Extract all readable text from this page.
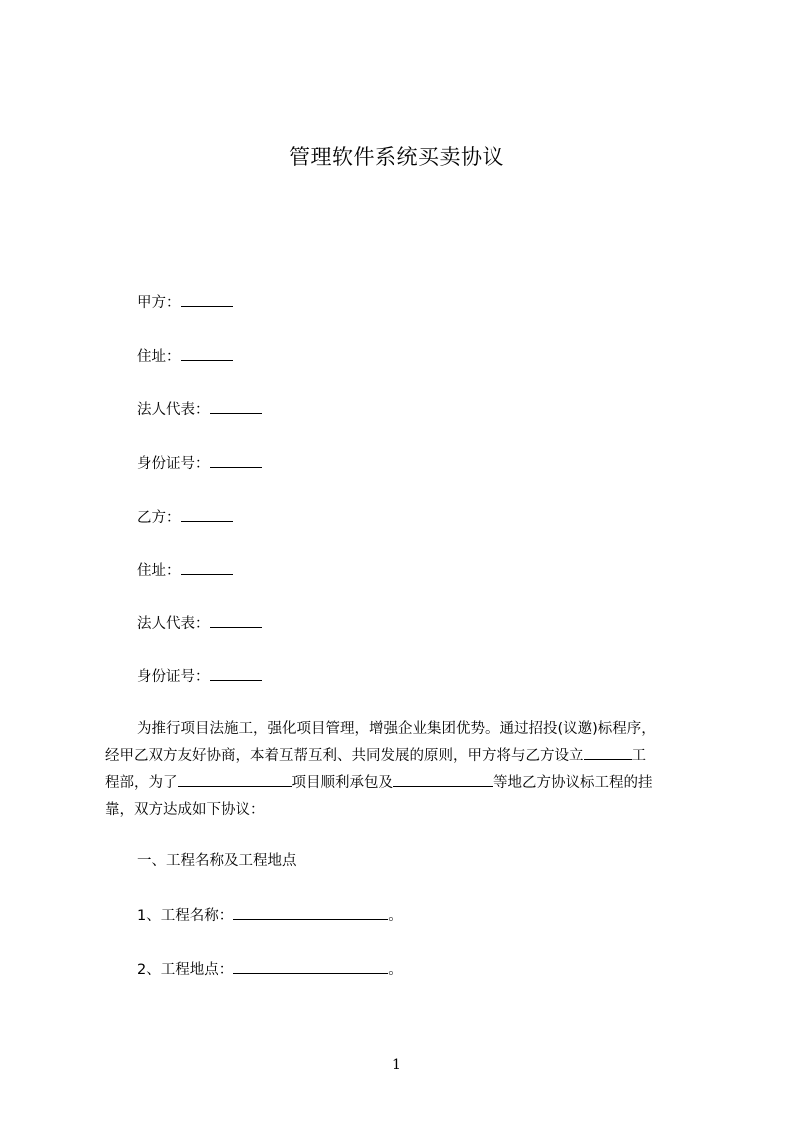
管理软件系统买卖协议
甲方：
住址：
法人代表：
身份证号：
乙方：
住址：
法人代表：
身份证号：
为推行项目法施工，强化项目管理，增强企业集团优势。通过招投(议邀)标程序，
经甲乙双方友好协商，本着互帮互利、共同发展的原则，甲方将与乙方设立	工
程部，为了	项目顺利承包及	等地乙方协议标工程的挂
靠，双方达成如下协议：
一、工程名称及工程地点
1、工程名称：	。
2、工程地点：	。
1
